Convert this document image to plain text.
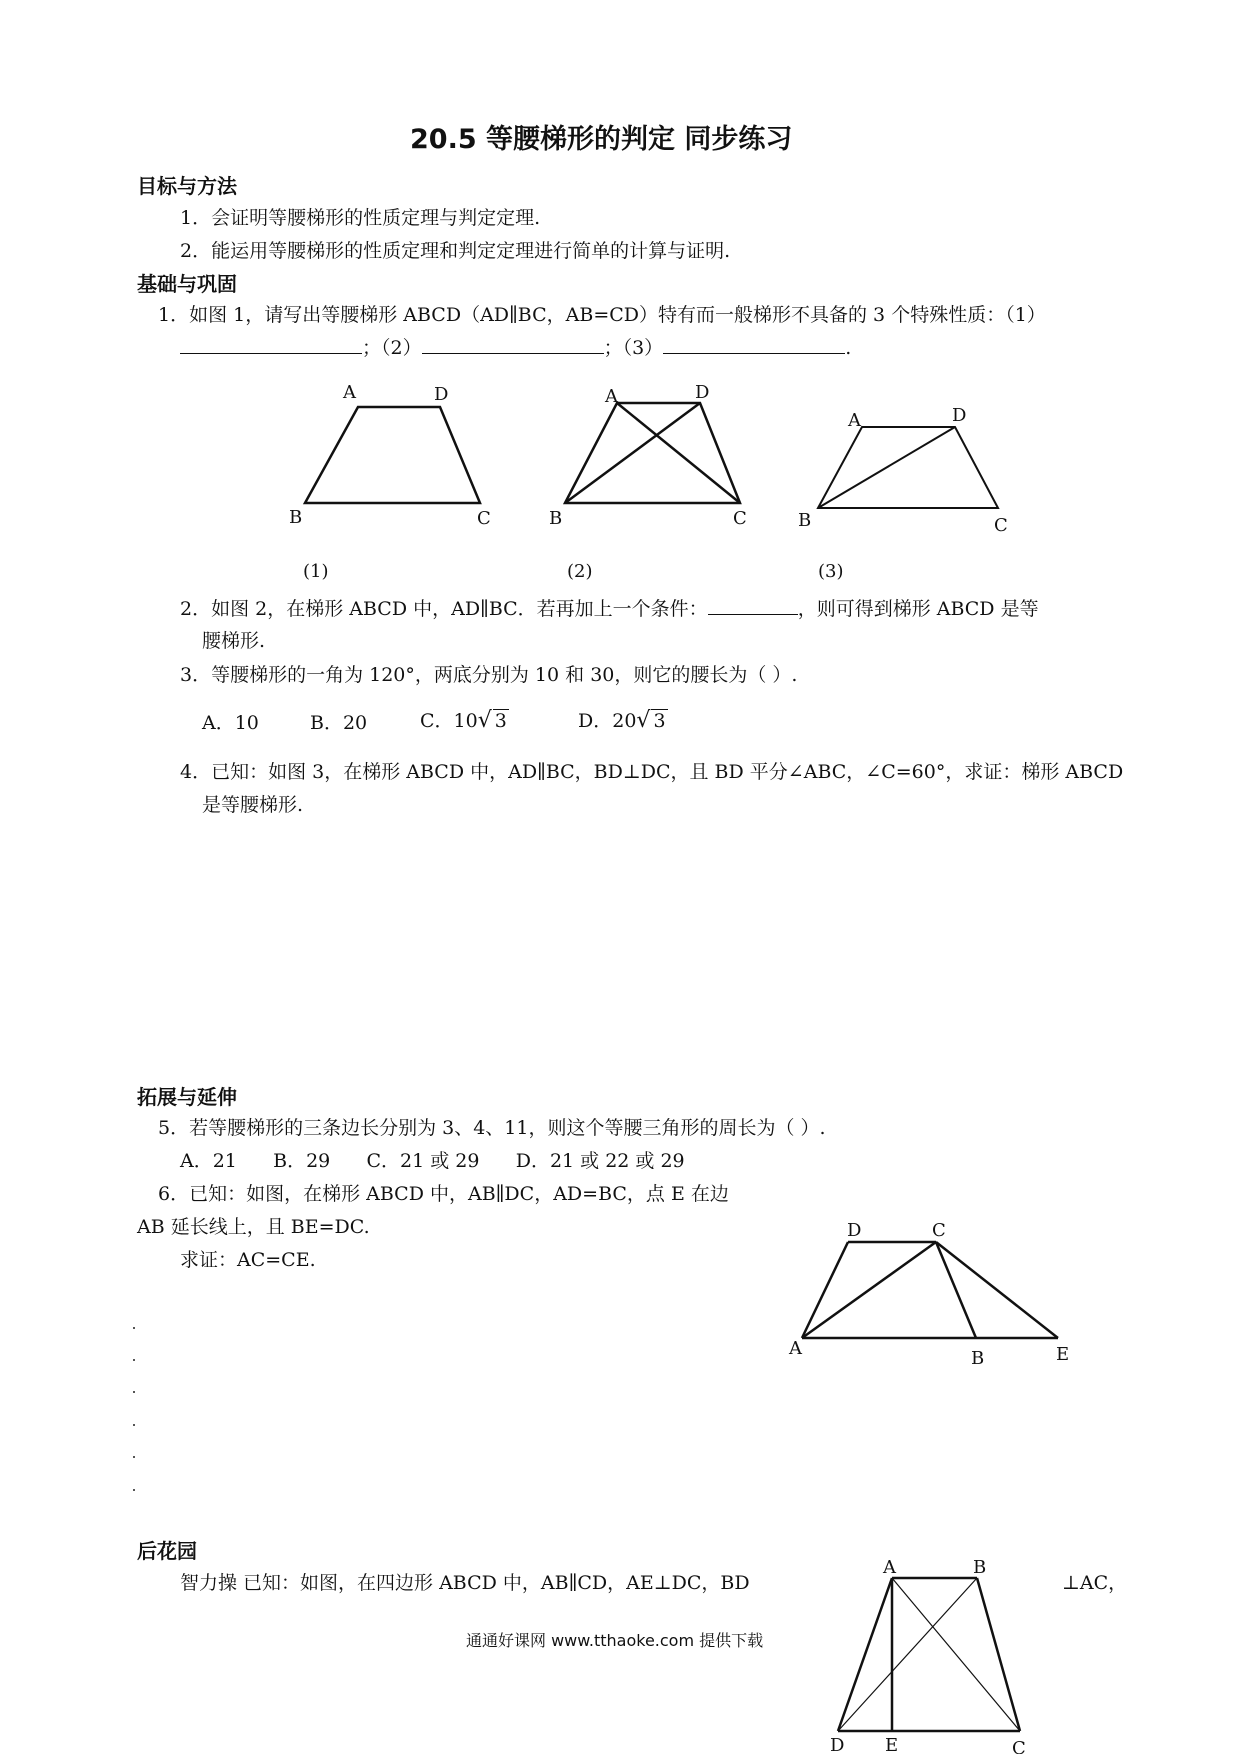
20.5 等腰梯形的判定 同步练习
目标与方法
1．会证明等腰梯形的性质定理与判定定理.
2．能运用等腰梯形的性质定理和判定定理进行简单的计算与证明.
基础与巩固
1．如图 1，请写出等腰梯形 ABCD（AD∥BC，AB=CD）特有而一般梯形不具备的 3 个特殊性质：（1）
；（2）	；（3）	.
A	D
B	C
A	D
B	C
A	D
B	C
(1)	(2)	(3)
2．如图 2，在梯形 ABCD 中，AD∥BC．若再加上一个条件：	，则可得到梯形 ABCD 是等
腰梯形.
3．等腰梯形的一角为 120°，两底分别为 10 和 30，则它的腰长为（ ）.
A．10	B．20	C．10√ 3	D．20√ 3
4．已知：如图 3，在梯形 ABCD 中，AD∥BC，BD⊥DC，且 BD 平分∠ABC，∠C=60°，求证：梯形 ABCD
是等腰梯形.
拓展与延伸
5．若等腰梯形的三条边长分别为 3、4、11，则这个等腰三角形的周长为（ ）.
A．21      B．29      C．21 或 29      D．21 或 22 或 29
6．已知：如图，在梯形 ABCD 中，AB∥DC，AD=BC，点 E 在边
AB 延长线上，且 BE=DC.
求证：AC=CE.
D	C
A	B	E
后花园
智力操 已知：如图，在四边形 ABCD 中，AB∥CD，AE⊥DC，BD	⊥AC，
A	B
D E	C
通通好课网 www.tthaoke.com 提供下载
